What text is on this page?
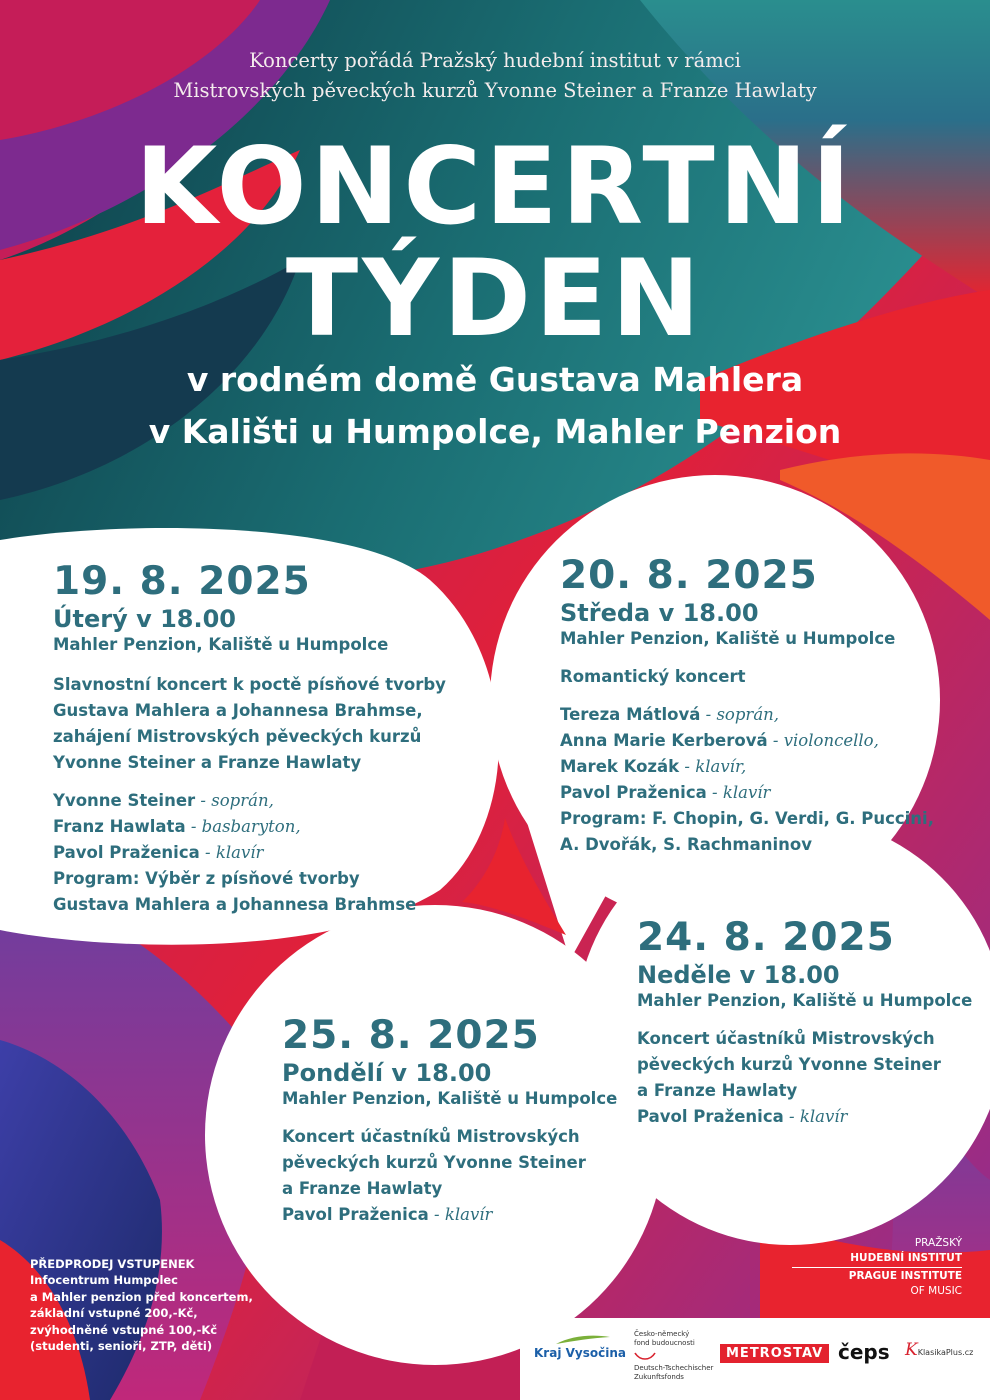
Koncerty pořádá Pražský hudební institut v rámci
Mistrovských pěveckých kurzů Yvonne Steiner a Franze Hawlaty
KONCERTNÍ
TÝDEN
v rodném domě Gustava Mahlera
v Kališti u Humpolce, Mahler Penzion
19. 8. 2025
Úterý v 18.00
Mahler Penzion, Kaliště u Humpolce
Slavnostní koncert k poctě písňové tvorby
Gustava Mahlera a Johannesa Brahmse,
zahájení Mistrovských pěveckých kurzů
Yvonne Steiner a Franze Hawlaty
Yvonne Steiner - soprán,
Franz Hawlata - basbaryton,
Pavol Praženica - klavír
Program: Výběr z písňové tvorby
Gustava Mahlera a Johannesa Brahmse
20. 8. 2025
Středa v 18.00
Mahler Penzion, Kaliště u Humpolce
Romantický koncert
Tereza Mátlová - soprán,
Anna Marie Kerberová - violoncello,
Marek Kozák - klavír,
Pavol Praženica - klavír
Program: F. Chopin, G. Verdi, G. Puccini,
A. Dvořák, S. Rachmaninov
24. 8. 2025
Neděle v 18.00
Mahler Penzion, Kaliště u Humpolce
Koncert účastníků Mistrovských
pěveckých kurzů Yvonne Steiner
a Franze Hawlaty
Pavol Praženica - klavír
25. 8. 2025
Pondělí v 18.00
Mahler Penzion, Kaliště u Humpolce
Koncert účastníků Mistrovských
pěveckých kurzů Yvonne Steiner
a Franze Hawlaty
Pavol Praženica - klavír
PŘEDPRODEJ VSTUPENEK
Infocentrum Humpolec
a Mahler penzion před koncertem,
základní vstupné 200,-Kč,
zvýhodněné vstupné 100,-Kč
(studenti, senioři, ZTP, děti)
PRAŽSKÝ
HUDEBNÍ INSTITUT
PRAGUE INSTITUTE
OF MUSIC
Kraj Vysočina
Česko-německý
fond budoucnosti
Deutsch-Tschechischer
Zukunftsfonds
METROSTAV čeps KKlasikaPlus.cz
